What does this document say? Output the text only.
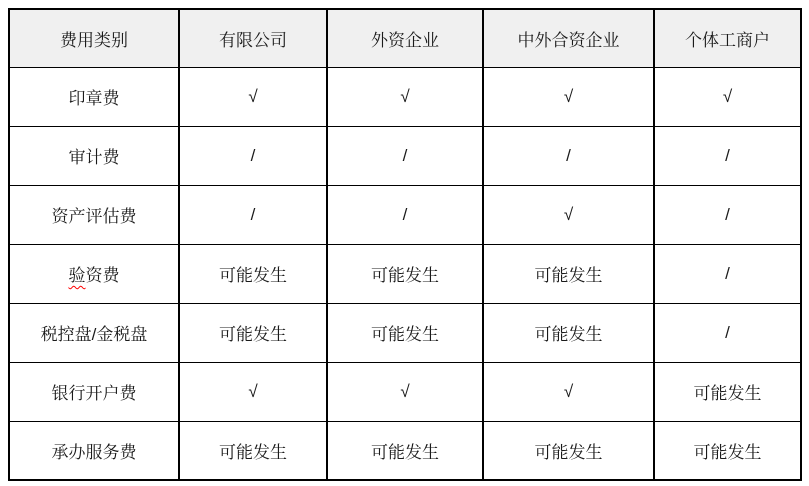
费用类别	有限公司	外资企业	中外合资企业	个体工商户
印章费	√	√	√	√
审计费	/	/	/	/
资产评估费	/	/	√	/
验资费	可能发生	可能发生	可能发生	/
税控盘/金税盘	可能发生	可能发生	可能发生	/
银行开户费	√	√	√	可能发生
承办服务费	可能发生	可能发生	可能发生	可能发生
